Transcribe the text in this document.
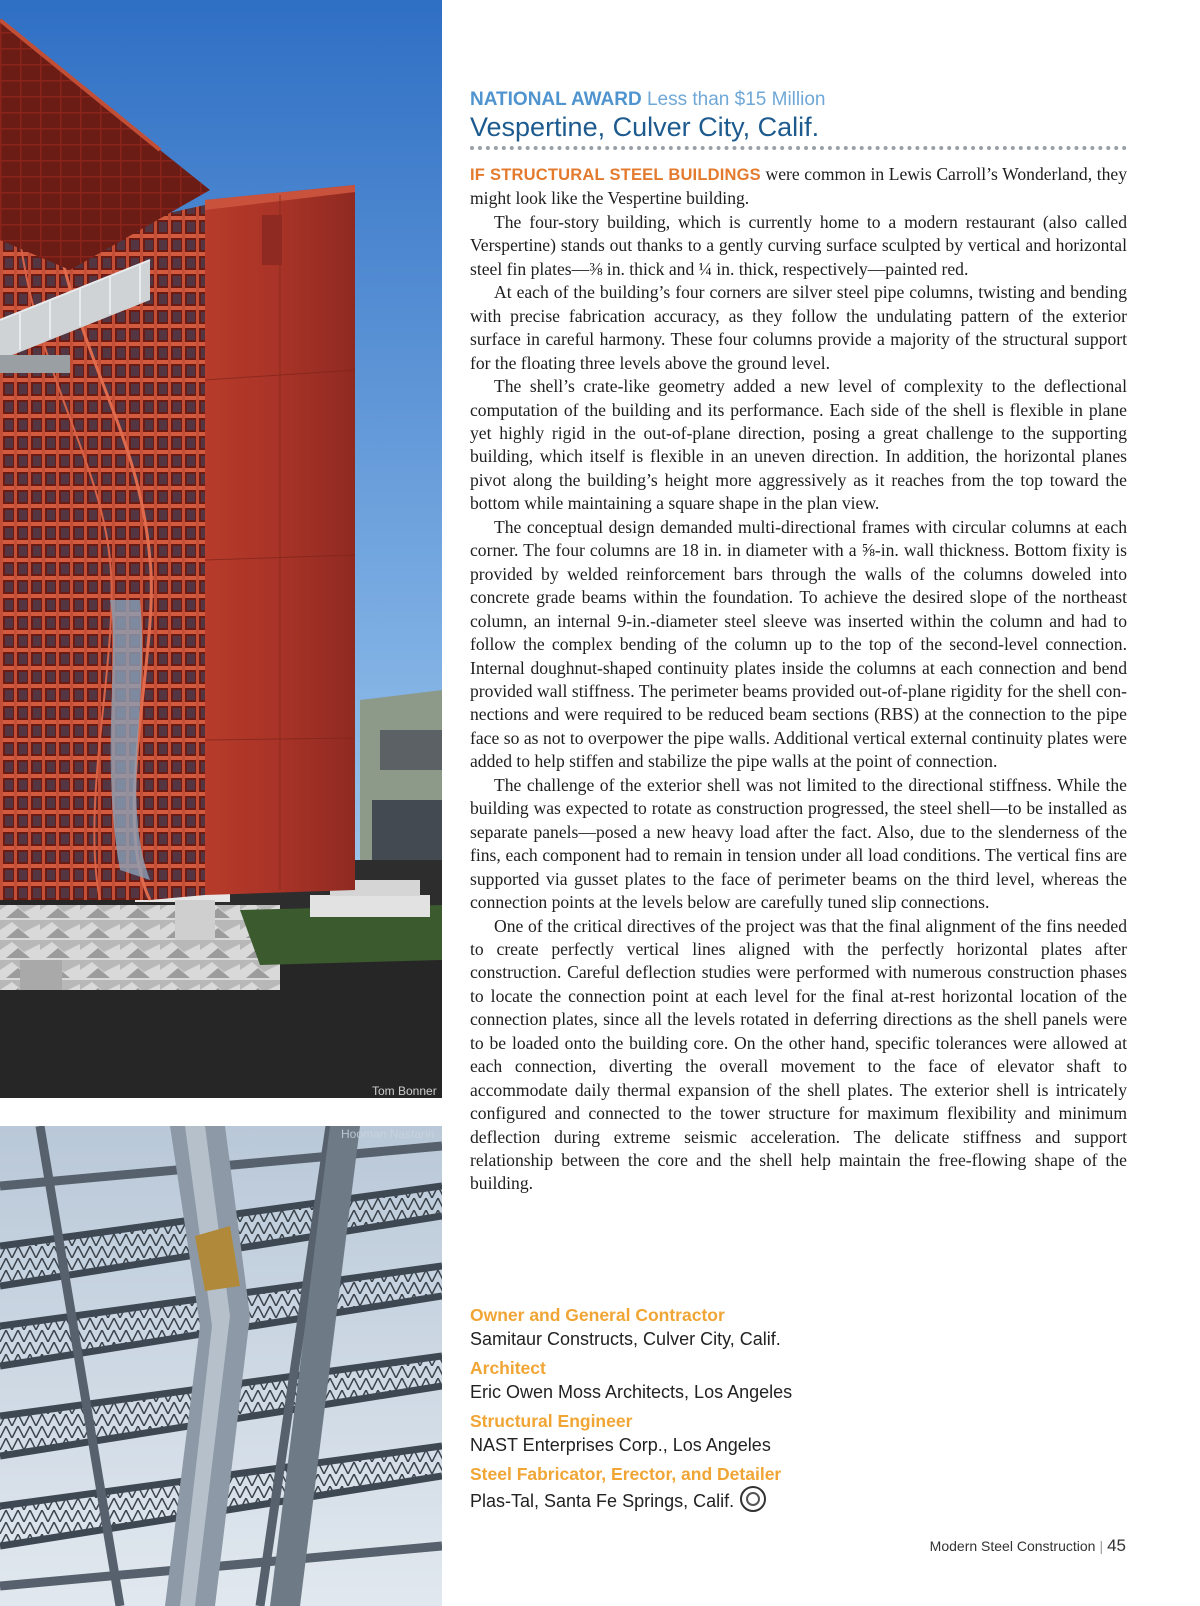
Tom Bonner
Hooman Nastarin
NATIONAL AWARD Less than $15 Million
Vespertine, Culver City, Calif.

IF STRUCTURAL STEEL BUILDINGS were common in Lewis Carroll’s Wonderland, they might look like the Vespertine building.

The four-story building, which is currently home to a modern restaurant (also called Verspertine) stands out thanks to a gently curving surface sculpted by vertical and horizontal steel fin plates—⅜ in. thick and ¼ in. thick, respectively—painted red.

At each of the building’s four corners are silver steel pipe columns, twisting and bending with precise fabrication accuracy, as they follow the undulating pattern of the exterior surface in careful harmony. These four columns provide a majority of the structural support for the floating three levels above the ground level.

The shell’s crate-like geometry added a new level of complexity to the deflectional computation of the building and its performance. Each side of the shell is flexible in plane yet highly rigid in the out-of-plane direction, posing a great challenge to the supporting building, which itself is flexible in an uneven direction. In addition, the horizontal planes pivot along the building’s height more aggressively as it reaches from the top toward the bottom while maintaining a square shape in the plan view.

The conceptual design demanded multi-directional frames with circular columns at each corner. The four columns are 18 in. in diameter with a ⅝-in. wall thickness. Bottom fixity is provided by welded reinforcement bars through the walls of the columns doweled into concrete grade beams within the foundation. To achieve the desired slope of the northeast column, an internal 9-in.-diameter steel sleeve was inserted within the column and had to follow the complex bending of the column up to the top of the second-level connection. Internal doughnut-shaped continuity plates inside the columns at each connection and bend provided wall stiffness. The perimeter beams provided out-of-plane rigidity for the shell connections and were required to be reduced beam sections (RBS) at the connection to the pipe face so as not to overpower the pipe walls. Additional vertical external continuity plates were added to help stiffen and stabilize the pipe walls at the point of connection.

The challenge of the exterior shell was not limited to the directional stiffness. While the building was expected to rotate as construction progressed, the steel shell—to be installed as separate panels—posed a new heavy load after the fact. Also, due to the slenderness of the fins, each component had to remain in tension under all load conditions. The vertical fins are supported via gusset plates to the face of perimeter beams on the third level, whereas the connection points at the levels below are carefully tuned slip connections.

One of the critical directives of the project was that the final alignment of the fins needed to create perfectly vertical lines aligned with the perfectly horizontal plates after construction. Careful deflection studies were performed with numerous construction phases to locate the connection point at each level for the final at-rest horizontal location of the connection plates, since all the levels rotated in deferring directions as the shell panels were to be loaded onto the building core. On the other hand, specific tolerances were allowed at each connection, diverting the overall movement to the face of elevator shaft to accommodate daily thermal expansion of the shell plates. The exterior shell is intricately configured and connected to the tower structure for maximum flexibility and minimum deflection during extreme seismic acceleration. The delicate stiffness and support relationship between the core and the shell help maintain the free-flowing shape of the building.

Owner and General Contractor
Samitaur Constructs, Culver City, Calif.
Architect
Eric Owen Moss Architects, Los Angeles
Structural Engineer
NAST Enterprises Corp., Los Angeles
Steel Fabricator, Erector, and Detailer
Plas-Tal, Santa Fe Springs, Calif.
Modern Steel Construction | 45
